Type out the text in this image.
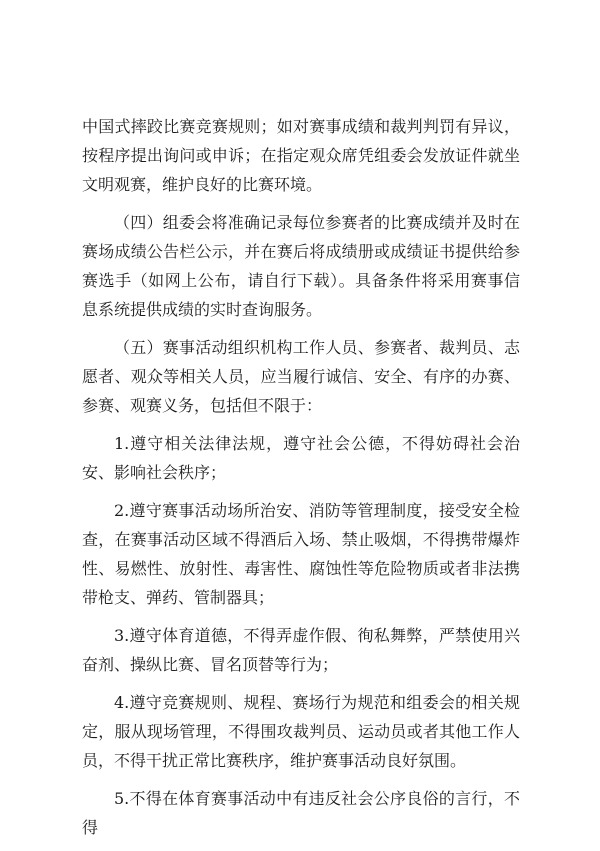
中国式摔跤比赛竞赛规则；如对赛事成绩和裁判判罚有异议，按程序提出询问或申诉；在指定观众席凭组委会发放证件就坐文明观赛，维护良好的比赛环境。

（四）组委会将准确记录每位参赛者的比赛成绩并及时在赛场成绩公告栏公示，并在赛后将成绩册或成绩证书提供给参赛选手（如网上公布，请自行下载）。具备条件将采用赛事信息系统提供成绩的实时查询服务。

（五）赛事活动组织机构工作人员、参赛者、裁判员、志愿者、观众等相关人员，应当履行诚信、安全、有序的办赛、参赛、观赛义务，包括但不限于：

1.遵守相关法律法规，遵守社会公德，不得妨碍社会治安、影响社会秩序；

2.遵守赛事活动场所治安、消防等管理制度，接受安全检查，在赛事活动区域不得酒后入场、禁止吸烟，不得携带爆炸性、易燃性、放射性、毒害性、腐蚀性等危险物质或者非法携带枪支、弹药、管制器具；

3.遵守体育道德，不得弄虚作假、徇私舞弊，严禁使用兴奋剂、操纵比赛、冒名顶替等行为；

4.遵守竞赛规则、规程、赛场行为规范和组委会的相关规定，服从现场管理，不得围攻裁判员、运动员或者其他工作人员，不得干扰正常比赛秩序，维护赛事活动良好氛围。

5.不得在体育赛事活动中有违反社会公序良俗的言行，不得
